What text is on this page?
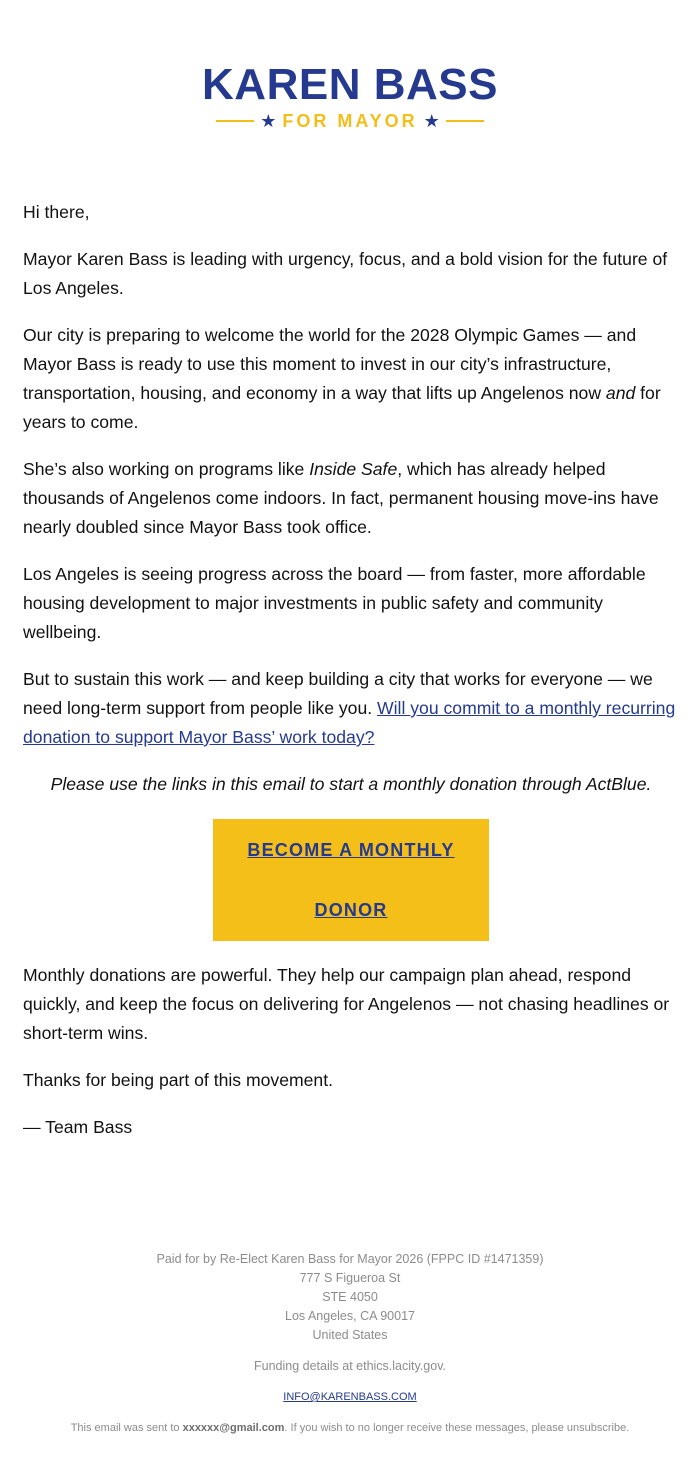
KAREN BASS
★ FOR MAYOR ★

Hi there,

Mayor Karen Bass is leading with urgency, focus, and a bold vision for the future of Los Angeles.

Our city is preparing to welcome the world for the 2028 Olympic Games — and Mayor Bass is ready to use this moment to invest in our city’s infrastructure, transportation, housing, and economy in a way that lifts up Angelenos now and for years to come.

She’s also working on programs like Inside Safe, which has already helped thousands of Angelenos come indoors. In fact, permanent housing move-ins have nearly doubled since Mayor Bass took office.

Los Angeles is seeing progress across the board — from faster, more affordable housing development to major investments in public safety and community wellbeing.

But to sustain this work — and keep building a city that works for everyone — we need long-term support from people like you. Will you commit to a monthly recurring donation to support Mayor Bass’ work today?

Please use the links in this email to start a monthly donation through ActBlue.

BECOME A MONTHLY
DONOR

Monthly donations are powerful. They help our campaign plan ahead, respond quickly, and keep the focus on delivering for Angelenos — not chasing headlines or short-term wins.

Thanks for being part of this movement.

— Team Bass

Paid for by Re-Elect Karen Bass for Mayor 2026 (FPPC ID #1471359)
777 S Figueroa St
STE 4050
Los Angeles, CA 90017
United States
Funding details at ethics.lacity.gov.
INFO@KARENBASS.COM
This email was sent to xxxxxx@gmail.com. If you wish to no longer receive these messages, please unsubscribe.
